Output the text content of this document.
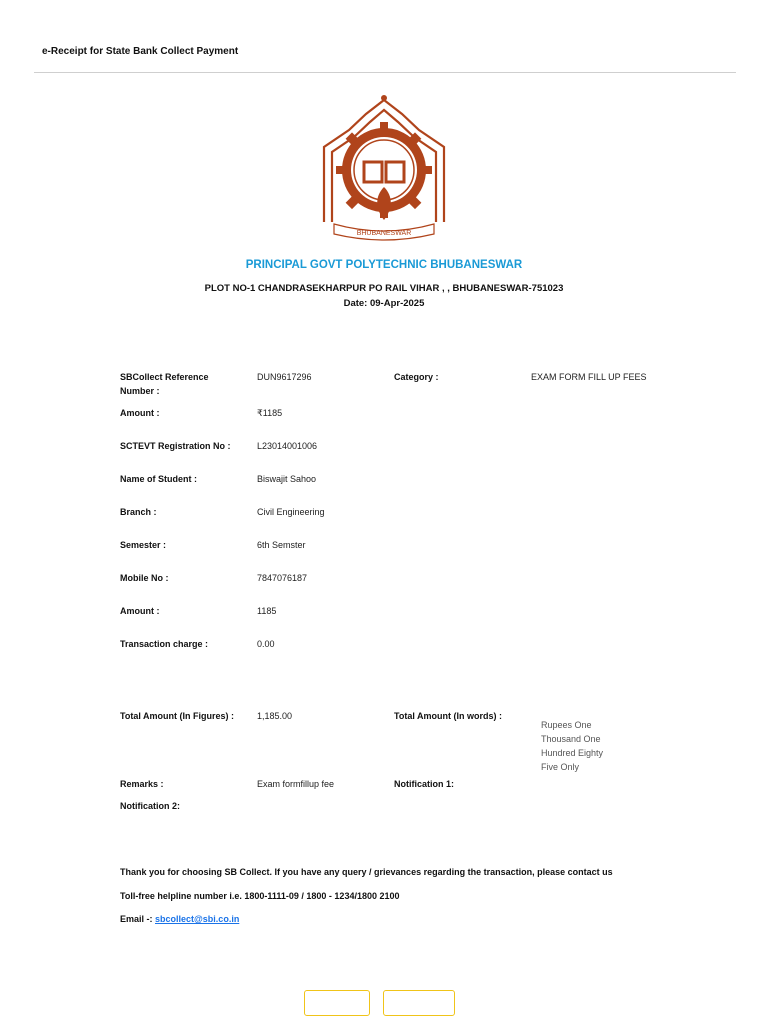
e-Receipt for State Bank Collect Payment
BHUBANESWAR
PRINCIPAL GOVT POLYTECHNIC BHUBANESWAR
PLOT NO-1 CHANDRASEKHARPUR PO RAIL VIHAR , , BHUBANESWAR-751023
Date: 09-Apr-2025
SBCollect Reference
Number :
DUN9617296	Category :	EXAM FORM FILL UP FEES
Amount :	₹1185
SCTEVT Registration No :	L23014001006
Name of Student :	Biswajit Sahoo
Branch :	Civil Engineering
Semester :	6th Semster
Mobile No :	7847076187
Amount :	1185
Transaction charge :	0.00
Total Amount (In Figures) :	1,185.00	Total Amount (In words) :
Rupees One
Thousand One
Hundred Eighty
Five Only
Remarks :	Exam formfillup fee	Notification 1:
Notification 2:
Thank you for choosing SB Collect. If you have any query / grievances regarding the transaction, please contact us
Toll-free helpline number i.e. 1800-1111-09 / 1800 - 1234/1800 2100
Email -: sbcollect@sbi.co.in
